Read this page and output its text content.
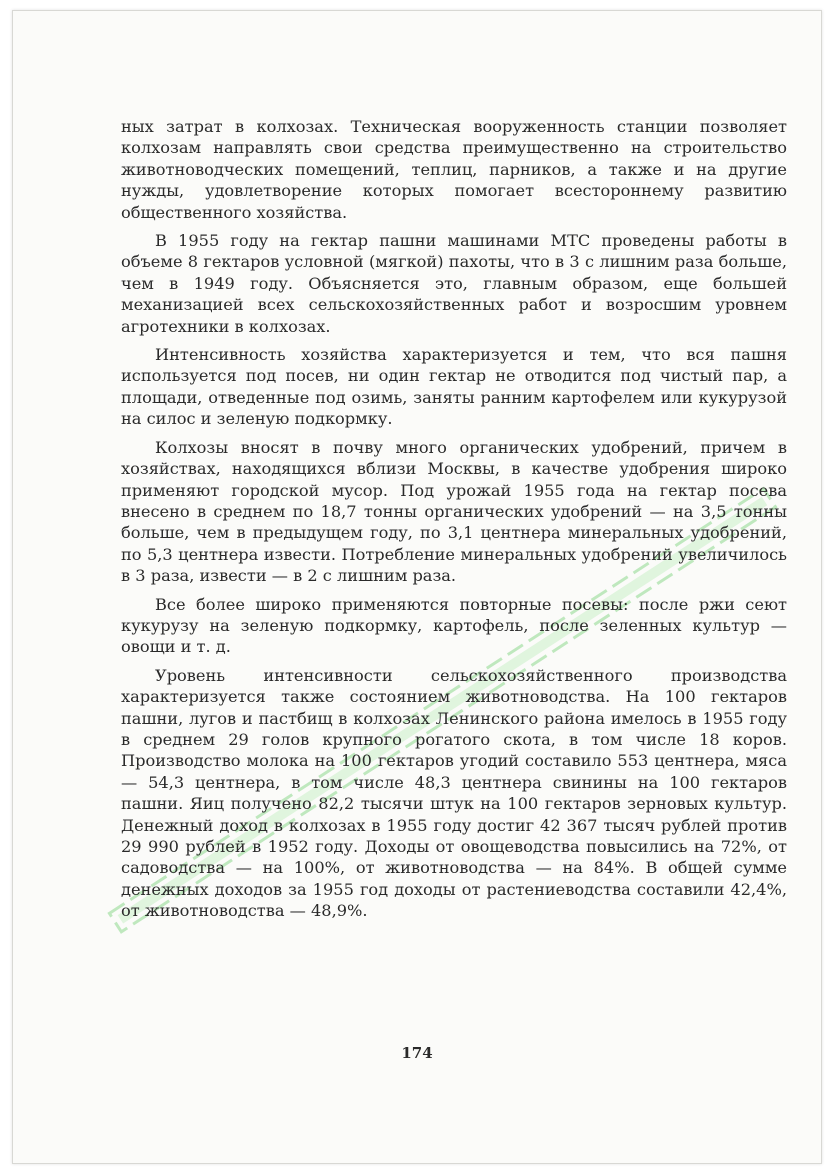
ных затрат в колхозах. Техническая вооруженность станции позволяет колхозам направлять свои средства преимущественно на строительство животноводческих помещений, теплиц, парников, а также и на другие нужды, удовлетворение которых помогает всестороннему развитию общественного хозяйства.

В 1955 году на гектар пашни машинами МТС проведены работы в объеме 8 гектаров условной (мягкой) пахоты, что в 3 с лишним раза больше, чем в 1949 году. Объясняется это, главным образом, еще большей механизацией всех сельскохозяйственных работ и возросшим уровнем агротехники в колхозах.

Интенсивность хозяйства характеризуется и тем, что вся пашня используется под посев, ни один гектар не отводится под чистый пар, а площади, отведенные под озимь, заняты ранним картофелем или кукурузой на силос и зеленую подкормку.

Колхозы вносят в почву много органических удобрений, причем в хозяйствах, находящихся вблизи Москвы, в качестве удобрения широко применяют городской мусор. Под урожай 1955 года на гектар посева внесено в среднем по 18,7 тонны органических удобрений — на 3,5 тонны больше, чем в предыдущем году, по 3,1 центнера минеральных удобрений, по 5,3 центнера извести. Потребление минеральных удобрений увеличилось в 3 раза, извести — в 2 с лишним раза.

Все более широко применяются повторные посевы: после ржи сеют кукурузу на зеленую подкормку, картофель, после зеленных культур — овощи и т. д.

Уровень интенсивности сельскохозяйственного производства характеризуется также состоянием животноводства. На 100 гектаров пашни, лугов и пастбищ в колхозах Ленинского района имелось в 1955 году в среднем 29 голов крупного рогатого скота, в том числе 18 коров. Производство молока на 100 гектаров угодий составило 553 центнера, мяса — 54,3 центнера, в том числе 48,3 центнера свинины на 100 гектаров пашни. Яиц получено 82,2 тысячи штук на 100 гектаров зерновых культур. Денежный доход в колхозах в 1955 году достиг 42 367 тысяч рублей против 29 990 рублей в 1952 году. Доходы от овощеводства повысились на 72%, от садоводства — на 100%, от животноводства — на 84%. В общей сумме денежных доходов за 1955 год доходы от растениеводства составили 42,4%, от животноводства — 48,9%.

174
